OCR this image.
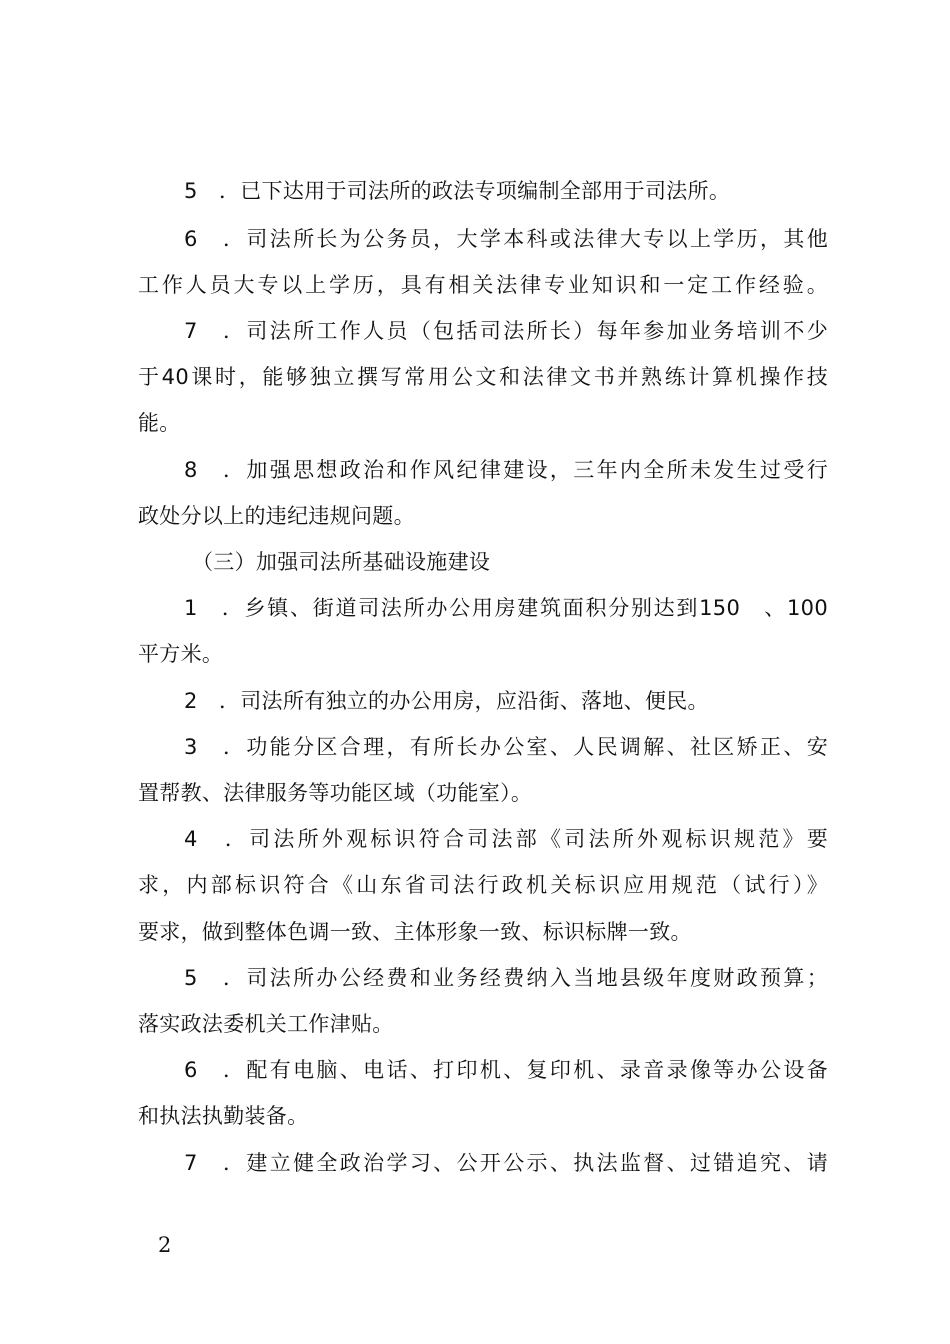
5　．已下达用于司法所的政法专项编制全部用于司法所。
6　．司法所长为公务员，大学本科或法律大专以上学历，其他
工作人员大专以上学历，具有相关法律专业知识和一定工作经验。
7　．司法所工作人员（包括司法所长）每年参加业务培训不少
于40课时，能够独立撰写常用公文和法律文书并熟练计算机操作技
能。
8　．加强思想政治和作风纪律建设，三年内全所未发生过受行
政处分以上的违纪违规问题。
（三）加强司法所基础设施建设
1　．乡镇、街道司法所办公用房建筑面积分别达到150　、100
平方米。
2　．司法所有独立的办公用房，应沿街、落地、便民。
3　．功能分区合理，有所长办公室、人民调解、社区矫正、安
置帮教、法律服务等功能区域（功能室）。
4　．司法所外观标识符合司法部《司法所外观标识规范》要
求，内部标识符合《山东省司法行政机关标识应用规范（试行）》
要求，做到整体色调一致、主体形象一致、标识标牌一致。
5　．司法所办公经费和业务经费纳入当地县级年度财政预算；
落实政法委机关工作津贴。
6　．配有电脑、电话、打印机、复印机、录音录像等办公设备
和执法执勤装备。
7　．建立健全政治学习、公开公示、执法监督、过错追究、请
2
